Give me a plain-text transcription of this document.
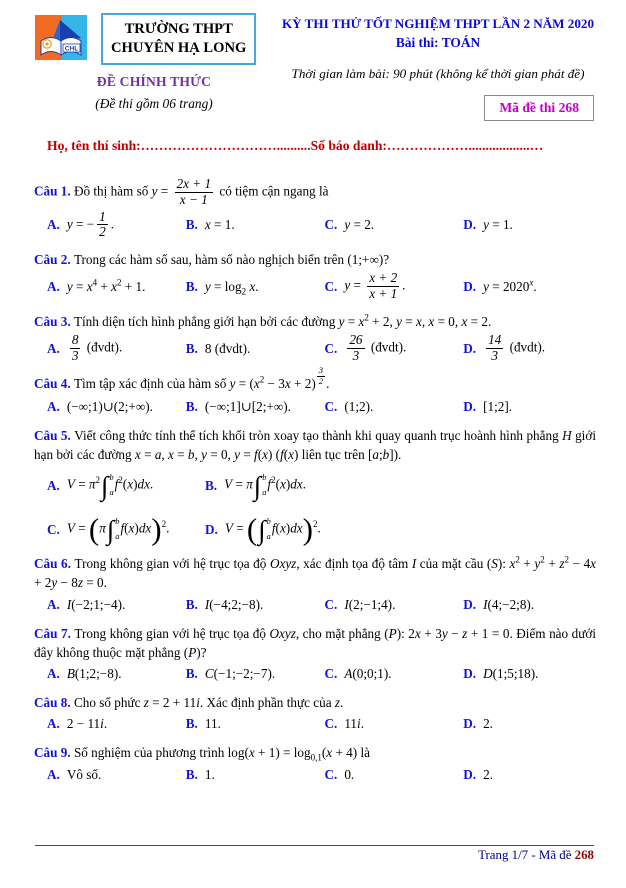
CHL
TRƯỜNG THPT
CHUYÊN HẠ LONG
ĐỀ CHÍNH THỨC
(Đề thi gồm 06 trang)
KỲ THI THỬ TỐT NGHIỆM THPT LẦN 2 NĂM 2020
Bài thi: TOÁN
Thời gian làm bài: 90 phút (không kể thời gian phát đề)
Mã đề thi 268
Họ, tên thí sinh:…………………………..........Số báo danh:………………..................…

Câu 1. Đồ thị hàm số $y = \frac{2x + 1}{x - 1}$ có tiệm cận ngang là

A. y = − $\frac{1}{2}$ .	B. x = 1.	C. y = 2.	D. y = 1.

Câu 2. Trong các hàm số sau, hàm số nào nghịch biến trên (1;+∞)?

A. $y = x^4 + x^2 + 1$.	B. $y = \log_2 x$.	C. $y = \frac{x + 2}{x + 1}$ .	D. $y = 2020^x$.

Câu 3. Tính diện tích hình phẳng giới hạn bởi các đường $y = x^2 + 2$, y = x, x = 0, x = 2.

A. $\frac{8}{3}$ (đvdt).	B. 8 (đvdt).	C. $\frac{26}{3}$ (đvdt).	D. $\frac{14}{3}$ (đvdt).

Câu 4. Tìm tập xác định của hàm số $y = (x^2 - 3x + 2) \frac{3}{2}$ .

A. (−∞;1)∪(2;+∞). B. (−∞;1]∪[2;+∞).	C. (1;2).	D. [1;2].

Câu 5. Viết công thức tính thể tích khối tròn xoay tạo thành khi quay quanh trục hoành hình phẳng H giới hạn bởi các đường x = a, x = b, y = 0, y = f(x) (f(x) liên tục trên [a;b]).

A. $V = \pi^2$ ∫ b
a
$f^2(x)dx$.	B. V = π ∫ b
a
$f^2(x)dx$.
C. V = (π ∫ b
a
f(x)dx)$^2$.	D. V = ( ∫ b
a
f(x)dx)$^2$.

Câu 6. Trong không gian với hệ trục tọa độ Oxyz, xác định tọa độ tâm I của mặt cầu (S): $x^2 + y^2 + z^2 - 4x + 2y - 8z = 0$.

A. I(−2;1;−4).	B. I(−4;2;−8).	C. I(2;−1;4).	D. I(4;−2;8).

Câu 7. Trong không gian với hệ trục tọa độ Oxyz, cho mặt phẳng (P): 2x + 3y − z + 1 = 0. Điểm nào dưới đây không thuộc mặt phẳng (P)?

A. B(1;2;−8).	B. C(−1;−2;−7).	C. A(0;0;1).	D. D(1;5;18).

Câu 8. Cho số phức z = 2 + 11i. Xác định phần thực của z.

A. 2 − 11i.	B. 11.	C. 11i.	D. 2.

Câu 9. Số nghiệm của phương trình $\log(x + 1) = \log_{0,1}(x + 4)$ là

A. Vô số.	B. 1.	C. 0.	D. 2.
Trang 1/7 - Mã đề 268
